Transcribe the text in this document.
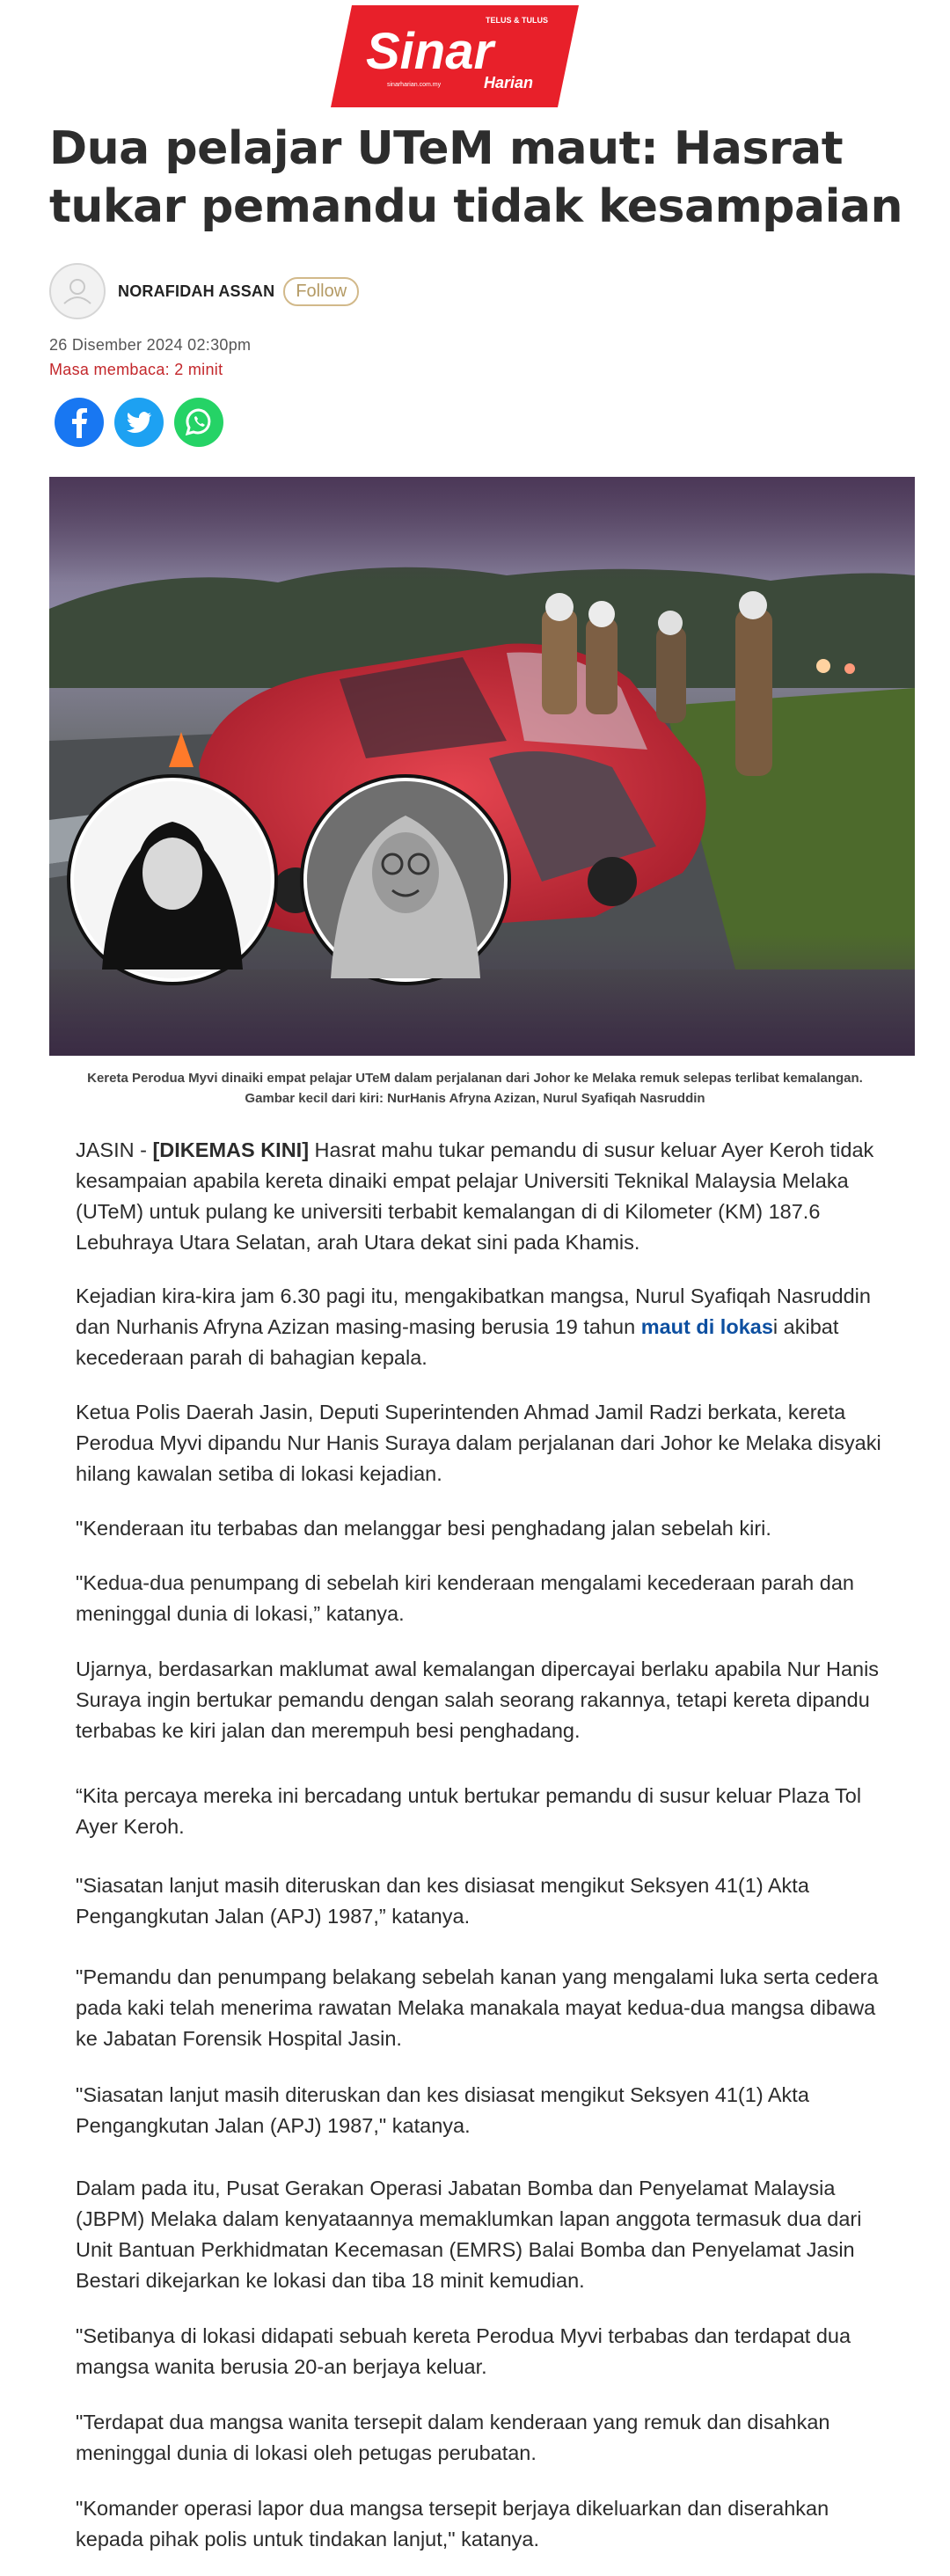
TELUS & TULUS
Sinar
Harian
sinarharian.com.my
Dua pelajar UTeM maut: Hasrat tukar pemandu tidak kesampaian
NORAFIDAH ASSAN	Follow
26 Disember 2024 02:30pm
Masa membaca: 2 minit
Kereta Perodua Myvi dinaiki empat pelajar UTeM dalam perjalanan dari Johor ke Melaka remuk selepas terlibat kemalangan. Gambar kecil dari kiri: NurHanis Afryna Azizan, Nurul Syafiqah Nasruddin

JASIN - [DIKEMAS KINI] Hasrat mahu tukar pemandu di susur keluar Ayer Keroh tidak kesampaian apabila kereta dinaiki empat pelajar Universiti Teknikal Malaysia Melaka (UTeM) untuk pulang ke universiti terbabit kemalangan di di Kilometer (KM) 187.6 Lebuhraya Utara Selatan, arah Utara dekat sini pada Khamis.

Kejadian kira-kira jam 6.30 pagi itu, mengakibatkan mangsa, Nurul Syafiqah Nasruddin dan Nurhanis Afryna Azizan masing-masing berusia 19 tahun maut di lokasi akibat kecederaan parah di bahagian kepala.

Ketua Polis Daerah Jasin, Deputi Superintenden Ahmad Jamil Radzi berkata, kereta Perodua Myvi dipandu Nur Hanis Suraya dalam perjalanan dari Johor ke Melaka disyaki hilang kawalan setiba di lokasi kejadian.

"Kenderaan itu terbabas dan melanggar besi penghadang jalan sebelah kiri.

"Kedua-dua penumpang di sebelah kiri kenderaan mengalami kecederaan parah dan meninggal dunia di lokasi,” katanya.

Ujarnya, berdasarkan maklumat awal kemalangan dipercayai berlaku apabila Nur Hanis Suraya ingin bertukar pemandu dengan salah seorang rakannya, tetapi kereta dipandu terbabas ke kiri jalan dan merempuh besi penghadang.

“Kita percaya mereka ini bercadang untuk bertukar pemandu di susur keluar Plaza Tol Ayer Keroh.

"Siasatan lanjut masih diteruskan dan kes disiasat mengikut Seksyen 41(1) Akta Pengangkutan Jalan (APJ) 1987,” katanya.

"Pemandu dan penumpang belakang sebelah kanan yang mengalami luka serta cedera pada kaki telah menerima rawatan Melaka manakala mayat kedua-dua mangsa dibawa ke Jabatan Forensik Hospital Jasin.

"Siasatan lanjut masih diteruskan dan kes disiasat mengikut Seksyen 41(1) Akta Pengangkutan Jalan (APJ) 1987," katanya.

Dalam pada itu, Pusat Gerakan Operasi Jabatan Bomba dan Penyelamat Malaysia (JBPM) Melaka dalam kenyataannya memaklumkan lapan anggota termasuk dua dari Unit Bantuan Perkhidmatan Kecemasan (EMRS) Balai Bomba dan Penyelamat Jasin Bestari dikejarkan ke lokasi dan tiba 18 minit kemudian.

"Setibanya di lokasi didapati sebuah kereta Perodua Myvi terbabas dan terdapat dua mangsa wanita berusia 20-an berjaya keluar.

"Terdapat dua mangsa wanita tersepit dalam kenderaan yang remuk dan disahkan meninggal dunia di lokasi oleh petugas perubatan.

"Komander operasi lapor dua mangsa tersepit berjaya dikeluarkan dan diserahkan kepada pihak polis untuk tindakan lanjut," katanya.
